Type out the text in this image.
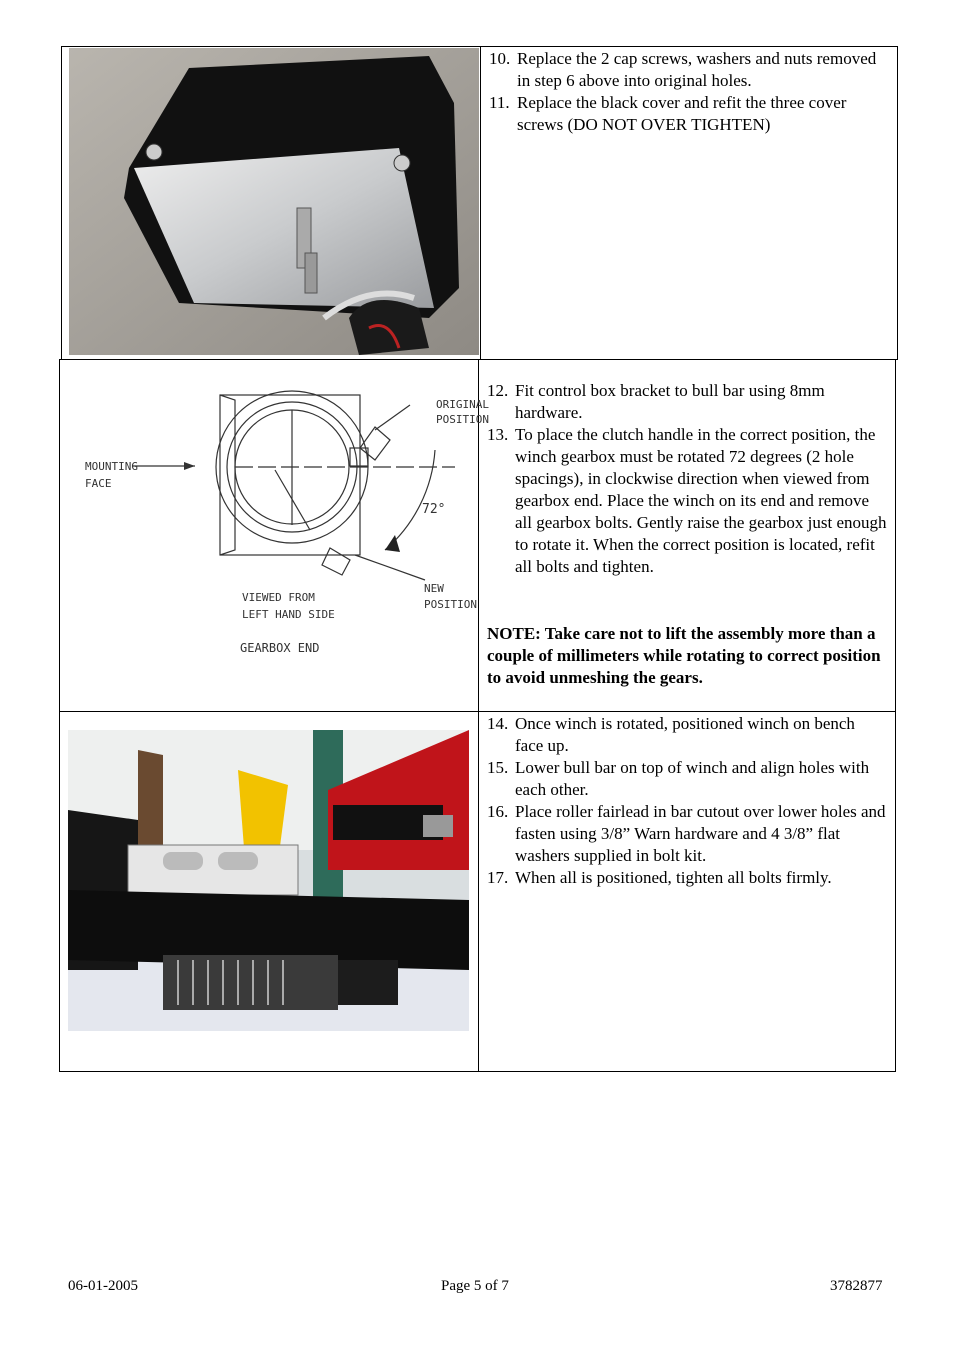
10. Replace the 2 cap screws, washers and nuts removed in step 6 above into original holes.
11. Replace the black cover and refit the three cover screws (DO NOT OVER TIGHTEN)
ORIGINAL
POSITION
MOUNTING
FACE
72°
VIEWED FROM
LEFT HAND SIDE
GEARBOX END
NEW
POSITION
12. Fit control box bracket to bull bar using 8mm hardware.
13. To place the clutch handle in the correct position, the winch gearbox must be rotated 72 degrees (2 hole spacings), in clockwise direction when viewed from gearbox end. Place the winch on its end and remove all gearbox bolts. Gently raise the gearbox just enough to rotate it. When the correct position is located, refit all bolts and tighten.
NOTE: Take care not to lift the assembly more than a couple of millimeters while rotating to correct position to avoid unmeshing the gears.
14. Once winch is rotated, positioned winch on bench face up.
15. Lower bull bar on top of winch and align holes with each other.
16. Place roller fairlead in bar cutout over lower holes and fasten using 3/8” Warn hardware and 4 3/8” flat washers supplied in bolt kit.
17. When all is positioned, tighten all bolts firmly.
06-01-2005	Page 5 of 7	3782877
